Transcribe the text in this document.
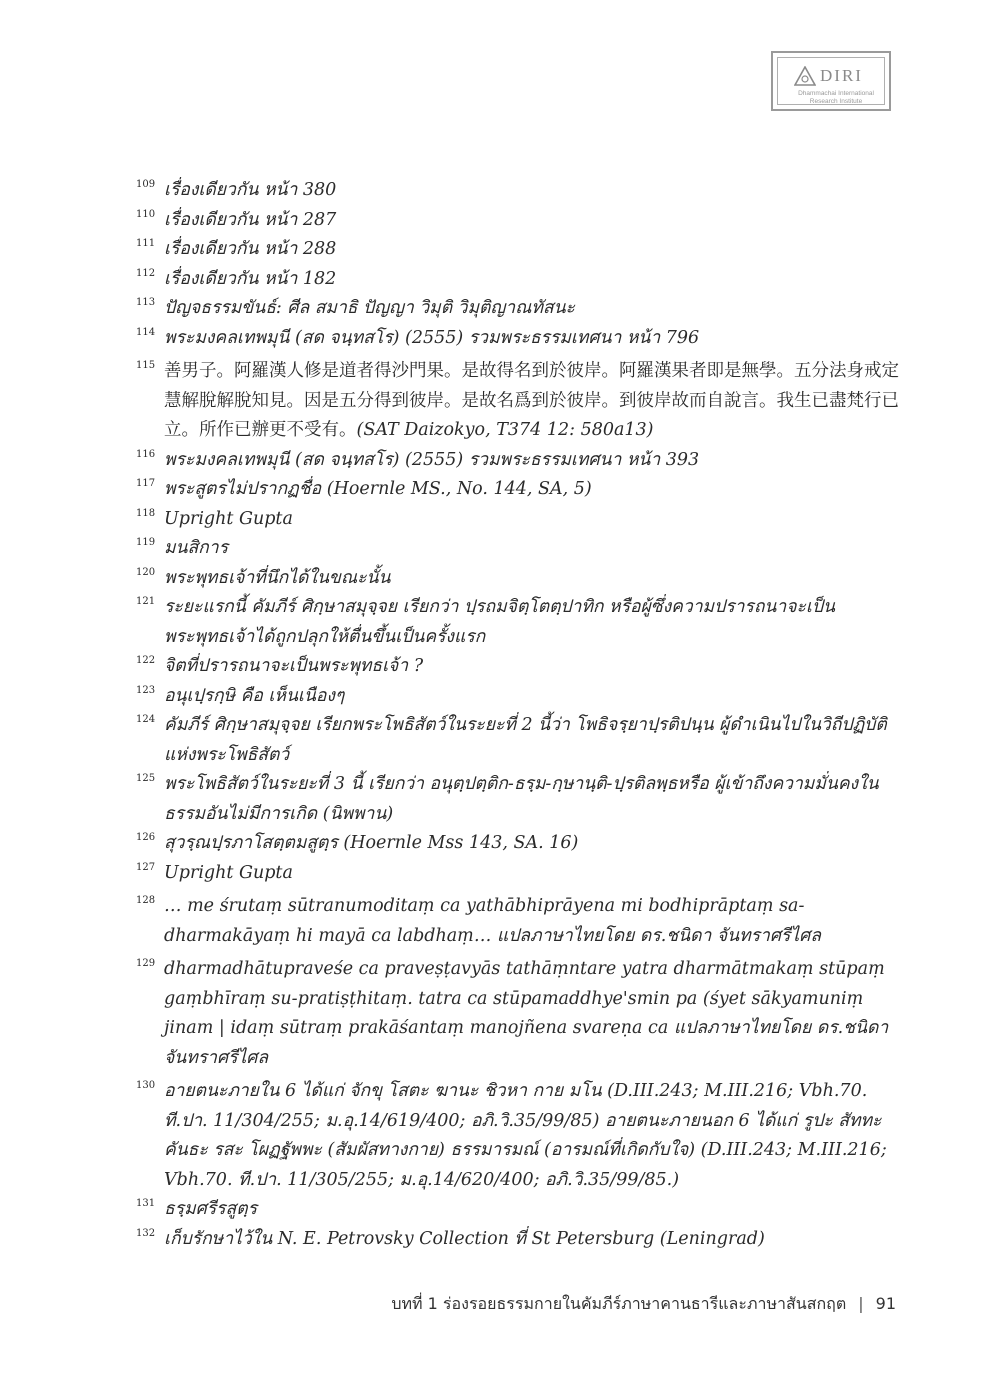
DIRI
Dhammachai International Research Institute
109 เรื่องเดียวกัน หน้า 380
110 เรื่องเดียวกัน หน้า 287
111 เรื่องเดียวกัน หน้า 288
112 เรื่องเดียวกัน หน้า 182
113 ปัญจธรรมขันธ์: ศีล สมาธิ ปัญญา วิมุติ วิมุติญาณทัสนะ
114 พระมงคลเทพมุนี (สด จนฺทสโร) (2555) รวมพระธรรมเทศนา หน้า 796
115 善男子。阿羅漢人修是道者得沙門果。是故得名到於彼岸。阿羅漢果者即是無學。五分法身戒定慧解脫解脫知見。因是五分得到彼岸。是故名爲到於彼岸。到彼岸故而自說言。我生已盡梵行已立。所作已辦更不受有。(SAT Daizokyo, T374 12: 580a13)
116 พระมงคลเทพมุนี (สด จนฺทสโร) (2555) รวมพระธรรมเทศนา หน้า 393
117 พระสูตรไม่ปรากฏชื่อ (Hoernle MS., No. 144, SA, 5)
118 Upright Gupta
119 มนสิการ
120 พระพุทธเจ้าที่นึกได้ในขณะนั้น
121 ระยะแรกนี้ คัมภีร์ ศิกฺษาสมุจฺจย เรียกว่า ปฺรถมจิตฺโตตฺปาทิก หรือผู้ซึ่งความปรารถนาจะเป็นพระพุทธเจ้าได้ถูกปลุกให้ตื่นขึ้นเป็นครั้งแรก
122 จิตที่ปรารถนาจะเป็นพระพุทธเจ้า ?
123 อนุเปฺรกฺษิ คือ เห็นเนืองๆ
124 คัมภีร์ ศิกฺษาสมุจฺจย เรียกพระโพธิสัตว์ในระยะที่ 2 นี้ว่า โพธิจรฺยาปฺรติปนฺน ผู้ดำเนินไปในวิถีปฏิบัติแห่งพระโพธิสัตว์
125 พระโพธิสัตว์ในระยะที่ 3 นี้ เรียกว่า อนุตฺปตฺติก-ธรฺม-กฺษานฺติ-ปฺรติลพฺธหรือ ผู้เข้าถึงความมั่นคงในธรรมอันไม่มีการเกิด (นิพพาน)
126 สุวรฺณปฺรภาโสตฺตมสูตฺร (Hoernle Mss 143, SA. 16)
127 Upright Gupta
128 … me śrutaṃ sūtranumoditaṃ ca yathābhiprāyena mi bodhiprāptaṃ sa-dharmakāyaṃ hi mayā ca labdhaṃ… แปลภาษาไทยโดย ดร.ชนิดา จันทราศรีไศล
129 dharmadhātupraveśe ca praveṣṭavyās tathāṃntare yatra dharmātmakaṃ stūpaṃ gaṃbhīraṃ su-pratiṣṭhitaṃ. tatra ca stūpamaddhye'smin pa (śyet sākyamuniṃ jinam | idaṃ sūtraṃ prakāśantaṃ manojñena svareṇa ca แปลภาษาไทยโดย ดร.ชนิดา จันทราศรีไศล
130 อายตนะภายใน 6 ได้แก่ จักขุ โสตะ ฆานะ ชิวหา กาย มโน (D.III.243; M.III.216; Vbh.70. ที.ปา. 11/304/255; ม.อุ.14/619/400; อภิ.วิ.35/99/85) อายตนะภายนอก 6 ได้แก่ รูปะ สัททะ คันธะ รสะ โผฏฐัพพะ (สัมผัสทางกาย) ธรรมารมณ์ (อารมณ์ที่เกิดกับใจ) (D.III.243; M.III.216; Vbh.70. ที.ปา. 11/305/255; ม.อุ.14/620/400; อภิ.วิ.35/99/85.)
131 ธรฺมศรีรสูตฺร
132 เก็บรักษาไว้ใน N. E. Petrovsky Collection ที่ St Petersburg (Leningrad)
บทที่ 1 ร่องรอยธรรมกายในคัมภีร์ภาษาคานธารีและภาษาสันสกฤต | 91
